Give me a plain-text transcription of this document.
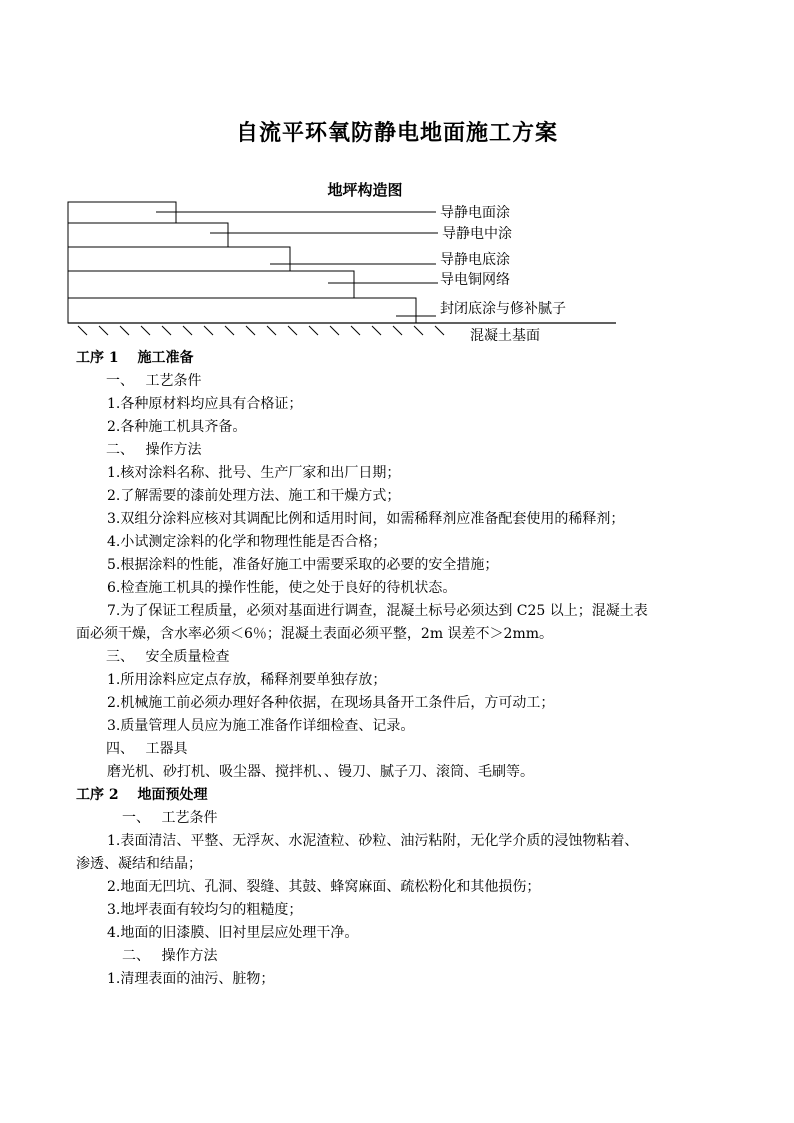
自流平环氧防静电地面施工方案
地坪构造图
导静电面涂
导静电中涂
导静电底涂
导电铜网络
封闭底涂与修补腻子
混凝土基面
工序 1　 施工准备
一、　 工艺条件
1.各种原材料均应具有合格证；
2.各种施工机具齐备。
二、　 操作方法
1.核对涂料名称、批号、生产厂家和出厂日期；
2.了解需要的漆前处理方法、施工和干燥方式；
3.双组分涂料应核对其调配比例和适用时间，如需稀释剂应准备配套使用的稀释剂；
4.小试测定涂料的化学和物理性能是否合格；
5.根据涂料的性能，准备好施工中需要采取的必要的安全措施；
6.检查施工机具的操作性能，使之处于良好的待机状态。
7.为了保证工程质量，必须对基面进行调查，混凝土标号必须达到 C25 以上；混凝土表
面必须干燥，含水率必须＜6％；混凝土表面必须平整，2m 误差不＞2mm。
三、　 安全质量检查
1.所用涂料应定点存放，稀释剂要单独存放；
2.机械施工前必须办理好各种依据，在现场具备开工条件后，方可动工；
3.质量管理人员应为施工准备作详细检查、记录。
四、　 工器具
磨光机、砂打机、吸尘器、搅拌机、、镘刀、腻子刀、滚筒、毛刷等。
工序 2　 地面预处理
一、　 工艺条件
1.表面清洁、平整、无浮灰、水泥渣粒、砂粒、油污粘附，无化学介质的浸蚀物粘着、
渗透、凝结和结晶；
2.地面无凹坑、孔洞、裂缝、其鼓、蜂窝麻面、疏松粉化和其他损伤；
3.地坪表面有较均匀的粗糙度；
4.地面的旧漆膜、旧衬里层应处理干净。
二、　 操作方法
1.清理表面的油污、脏物；
